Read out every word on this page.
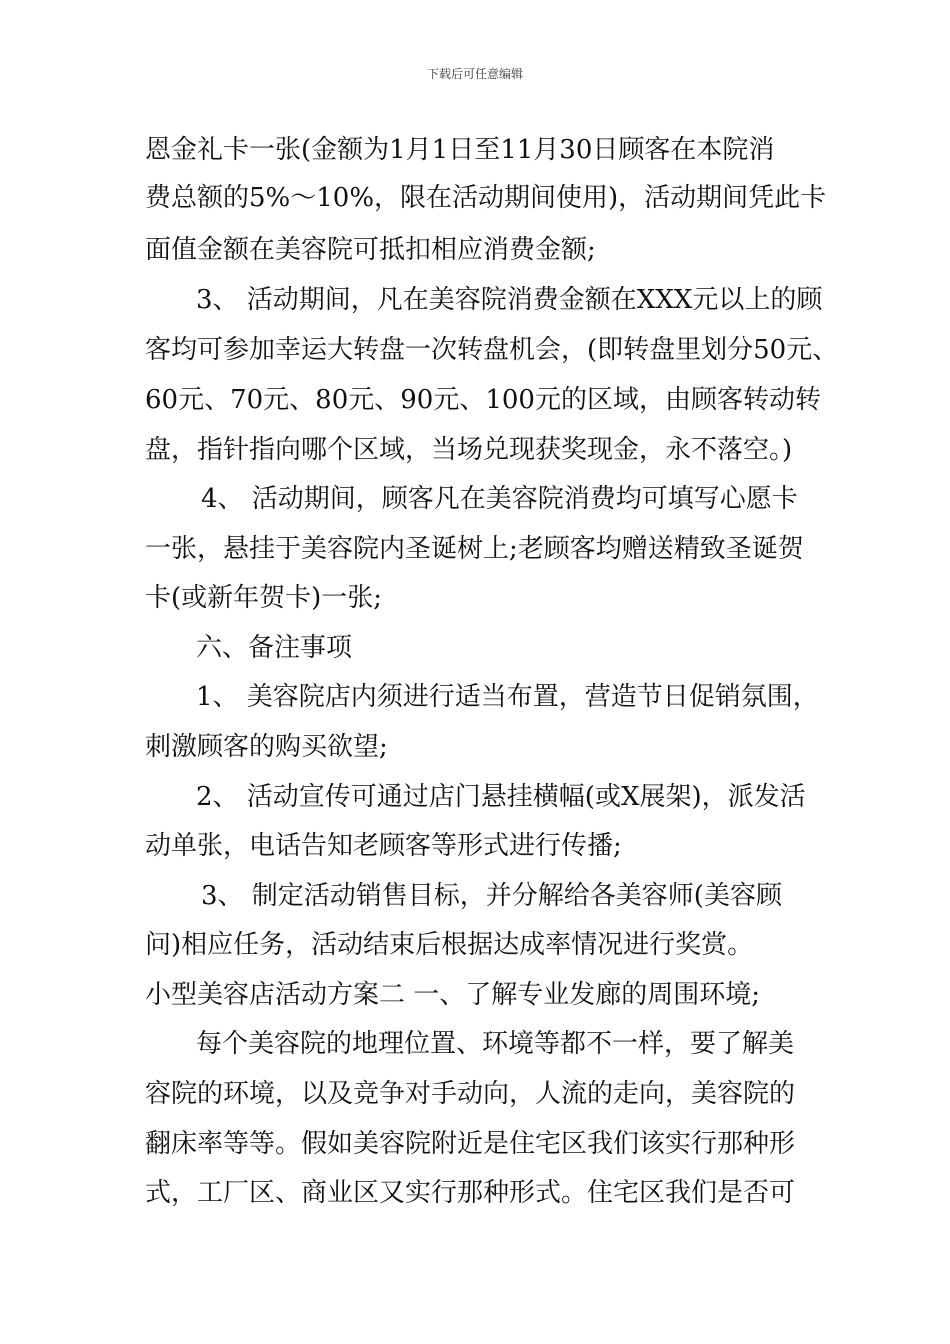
下载后可任意编辑
恩金礼卡一张(金额为1月1日至11月30日顾客在本院消
费总额的5%～10%，限在活动期间使用)，活动期间凭此卡
面值金额在美容院可抵扣相应消费金额;
3、 活动期间，凡在美容院消费金额在XXX元以上的顾
客均可参加幸运大转盘一次转盘机会，(即转盘里划分50元、
60元、70元、80元、90元、100元的区域，由顾客转动转
盘，指针指向哪个区域，当场兑现获奖现金，永不落空。)
4、 活动期间，顾客凡在美容院消费均可填写心愿卡
一张，悬挂于美容院内圣诞树上;老顾客均赠送精致圣诞贺
卡(或新年贺卡)一张;
六、备注事项
1、 美容院店内须进行适当布置，营造节日促销氛围，
刺激顾客的购买欲望;
2、 活动宣传可通过店门悬挂横幅(或X展架)，派发活
动单张，电话告知老顾客等形式进行传播;
3、 制定活动销售目标，并分解给各美容师(美容顾
问)相应任务，活动结束后根据达成率情况进行奖赏。
小型美容店活动方案二 一、了解专业发廊的周围环境;
每个美容院的地理位置、环境等都不一样，要了解美
容院的环境，以及竞争对手动向，人流的走向，美容院的
翻床率等等。假如美容院附近是住宅区我们该实行那种形
式，工厂区、商业区又实行那种形式。住宅区我们是否可
